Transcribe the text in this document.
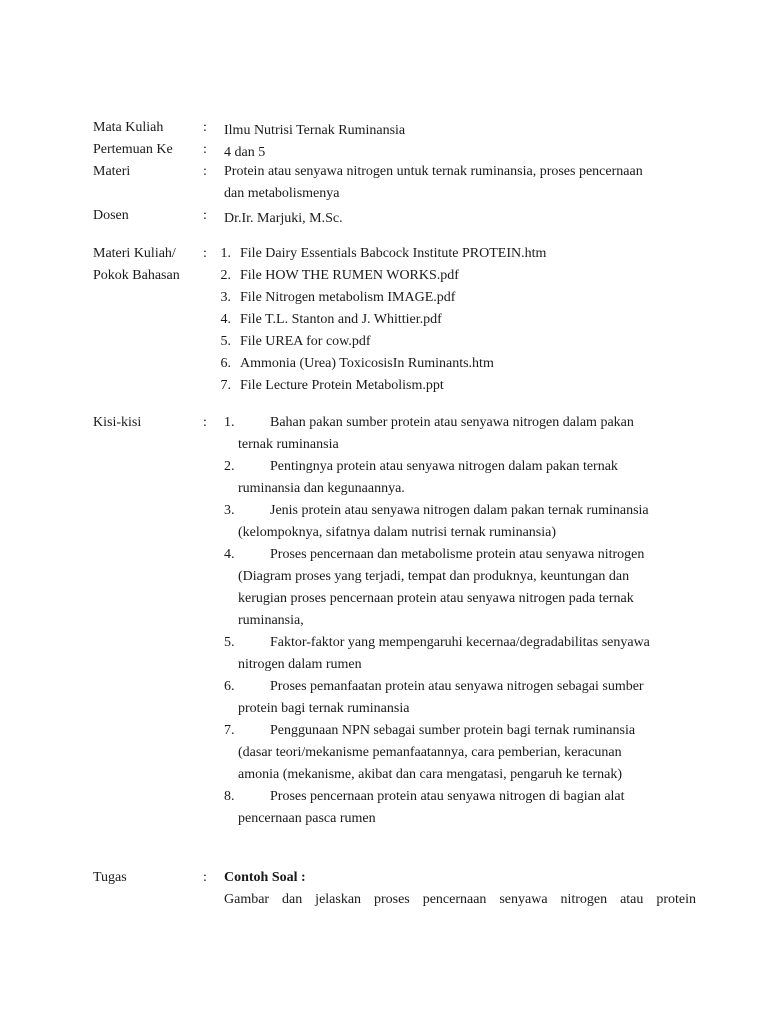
Mata Kuliah	: Ilmu Nutrisi Ternak Ruminansia
Pertemuan Ke : 4 dan 5
Materi	: Protein atau senyawa nitrogen untuk ternak ruminansia, proses pencernaan
dan metabolismenya
Dosen	: Dr.Ir. Marjuki, M.Sc.
Materi Kuliah/
Pokok Bahasan
: 1. File Dairy Essentials Babcock Institute PROTEIN.htm
2. File HOW THE RUMEN WORKS.pdf
3. File Nitrogen metabolism IMAGE.pdf
4. File T.L. Stanton and J. Whittier.pdf
5. File UREA for cow.pdf
6. Ammonia (Urea) ToxicosisIn Ruminants.htm
7. File Lecture Protein Metabolism.ppt
Kisi-kisi	: 1.	Bahan pakan sumber protein atau senyawa nitrogen dalam pakan
ternak ruminansia
2.	Pentingnya protein atau senyawa nitrogen dalam pakan ternak
ruminansia dan kegunaannya.
3.	Jenis protein atau senyawa nitrogen dalam pakan ternak ruminansia
(kelompoknya, sifatnya dalam nutrisi ternak ruminansia)
4.	Proses pencernaan dan metabolisme protein atau senyawa nitrogen
(Diagram proses yang terjadi, tempat dan produknya, keuntungan dan
kerugian proses pencernaan protein atau senyawa nitrogen pada ternak
ruminansia,
5.	Faktor-faktor yang mempengaruhi kecernaa/degradabilitas senyawa
nitrogen dalam rumen
6.	Proses pemanfaatan protein atau senyawa nitrogen sebagai sumber
protein bagi ternak ruminansia
7.	Penggunaan NPN sebagai sumber protein bagi ternak ruminansia
(dasar teori/mekanisme pemanfaatannya, cara pemberian, keracunan
amonia (mekanisme, akibat dan cara mengatasi, pengaruh ke ternak)
8.	Proses pencernaan protein atau senyawa nitrogen di bagian alat
pencernaan pasca rumen
Tugas	: Contoh Soal :
Gambar dan jelaskan proses pencernaan senyawa nitrogen atau protein
